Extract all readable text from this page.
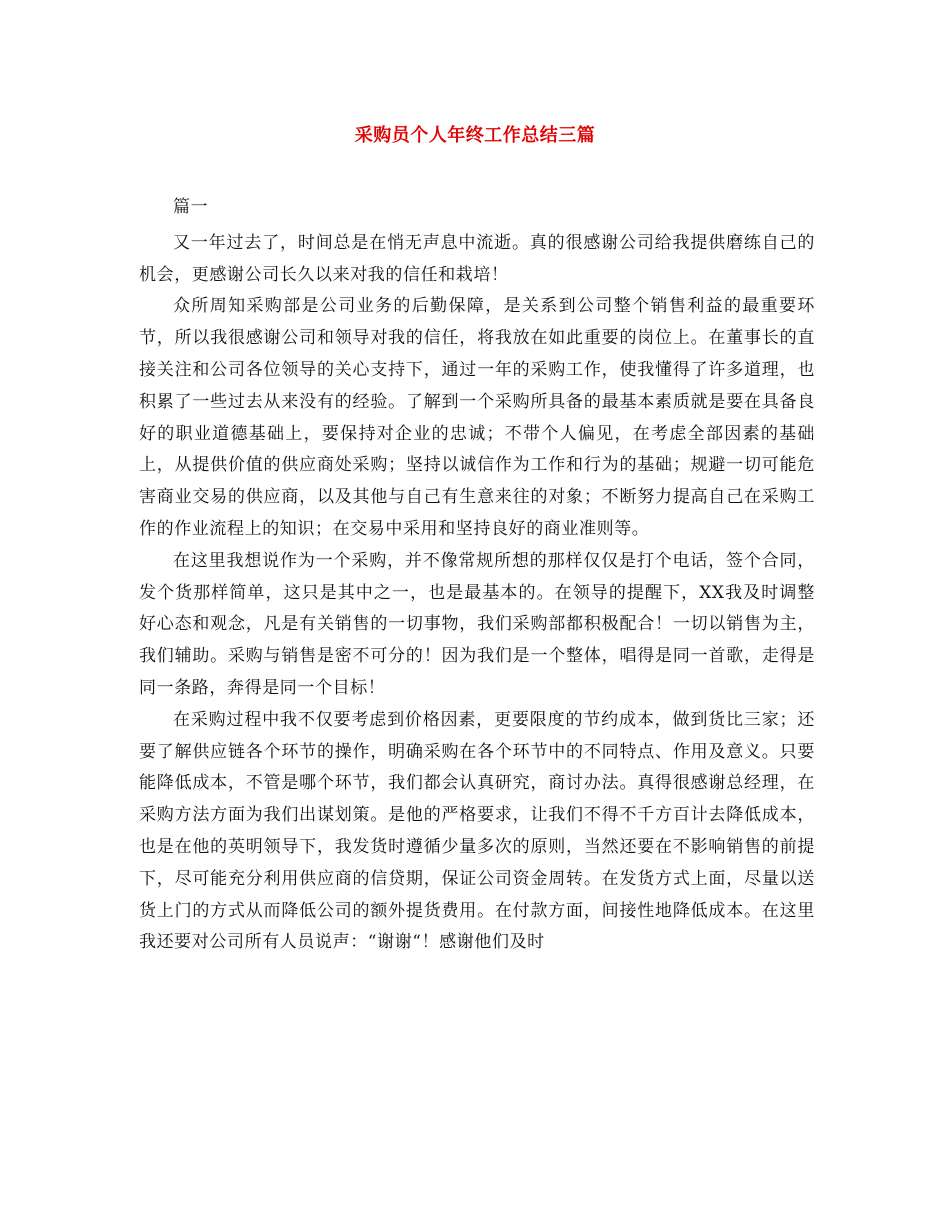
采购员个人年终工作总结三篇

篇一

又一年过去了，时间总是在悄无声息中流逝。真的很感谢公司给我提供磨练自己的机会，更感谢公司长久以来对我的信任和栽培！

众所周知采购部是公司业务的后勤保障，是关系到公司整个销售利益的最重要环节，所以我很感谢公司和领导对我的信任，将我放在如此重要的岗位上。在董事长的直接关注和公司各位领导的关心支持下，通过一年的采购工作，使我懂得了许多道理，也积累了一些过去从来没有的经验。了解到一个采购所具备的最基本素质就是要在具备良好的职业道德基础上，要保持对企业的忠诚；不带个人偏见，在考虑全部因素的基础上，从提供价值的供应商处采购；坚持以诚信作为工作和行为的基础；规避一切可能危害商业交易的供应商，以及其他与自己有生意来往的对象；不断努力提高自己在采购工作的作业流程上的知识；在交易中采用和坚持良好的商业准则等。

在这里我想说作为一个采购，并不像常规所想的那样仅仅是打个电话，签个合同，发个货那样简单，这只是其中之一，也是最基本的。在领导的提醒下，XX我及时调整好心态和观念，凡是有关销售的一切事物，我们采购部都积极配合！一切以销售为主，我们辅助。采购与销售是密不可分的！因为我们是一个整体，唱得是同一首歌，走得是同一条路，奔得是同一个目标！

在采购过程中我不仅要考虑到价格因素，更要限度的节约成本，做到货比三家；还要了解供应链各个环节的操作，明确采购在各个环节中的不同特点、作用及意义。只要能降低成本，不管是哪个环节，我们都会认真研究，商讨办法。真得很感谢总经理，在采购方法方面为我们出谋划策。是他的严格要求，让我们不得不千方百计去降低成本，也是在他的英明领导下，我发货时遵循少量多次的原则，当然还要在不影响销售的前提下，尽可能充分利用供应商的信贷期，保证公司资金周转。在发货方式上面，尽量以送货上门的方式从而降低公司的额外提货费用。在付款方面，间接性地降低成本。在这里我还要对公司所有人员说声：“谢谢“！感谢他们及时
